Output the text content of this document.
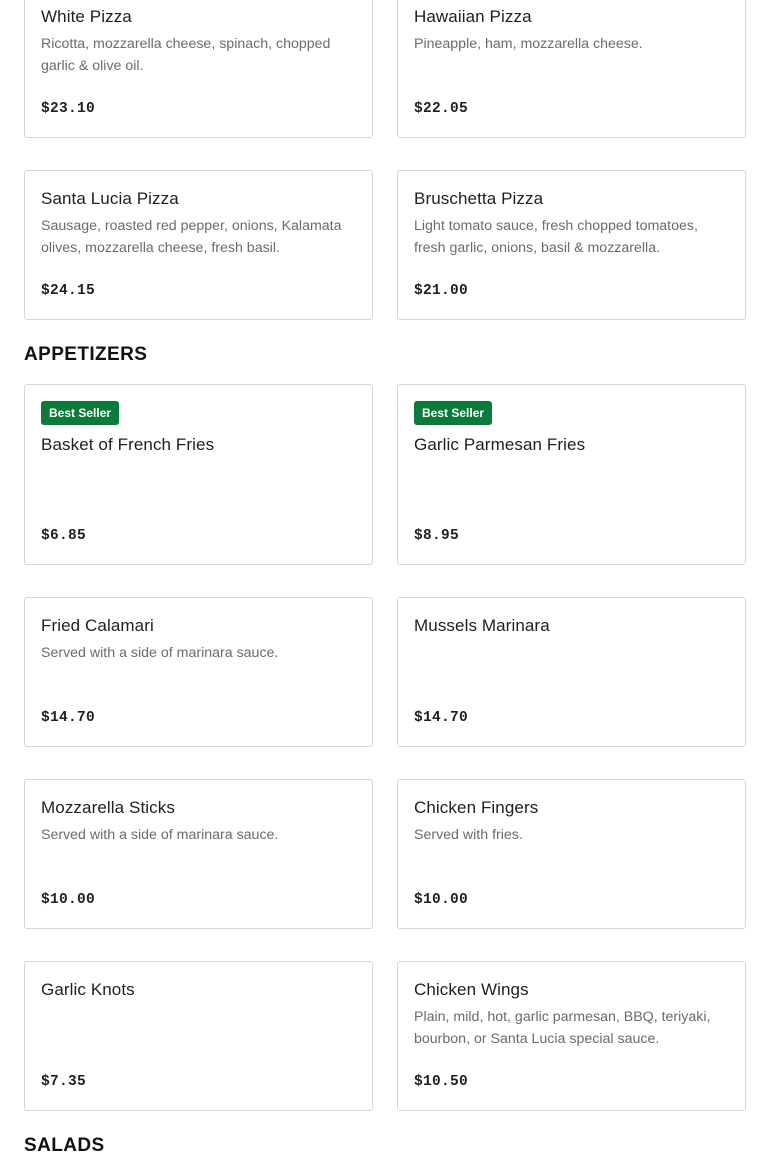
White Pizza
Ricotta, mozzarella cheese, spinach, chopped garlic & olive oil.
$23.10
Hawaiian Pizza
Pineapple, ham, mozzarella cheese.
$22.05
Santa Lucia Pizza
Sausage, roasted red pepper, onions, Kalamata olives, mozzarella cheese, fresh basil.
$24.15
Bruschetta Pizza
Light tomato sauce, fresh chopped tomatoes, fresh garlic, onions, basil & mozzarella.
$21.00
APPETIZERS
Best Seller
Basket of French Fries
$6.85
Best Seller
Garlic Parmesan Fries
$8.95
Fried Calamari
Served with a side of marinara sauce.
$14.70
Mussels Marinara
$14.70
Mozzarella Sticks
Served with a side of marinara sauce.
$10.00
Chicken Fingers
Served with fries.
$10.00
Garlic Knots
$7.35
Chicken Wings
Plain, mild, hot, garlic parmesan, BBQ, teriyaki, bourbon, or Santa Lucia special sauce.
$10.50
SALADS
